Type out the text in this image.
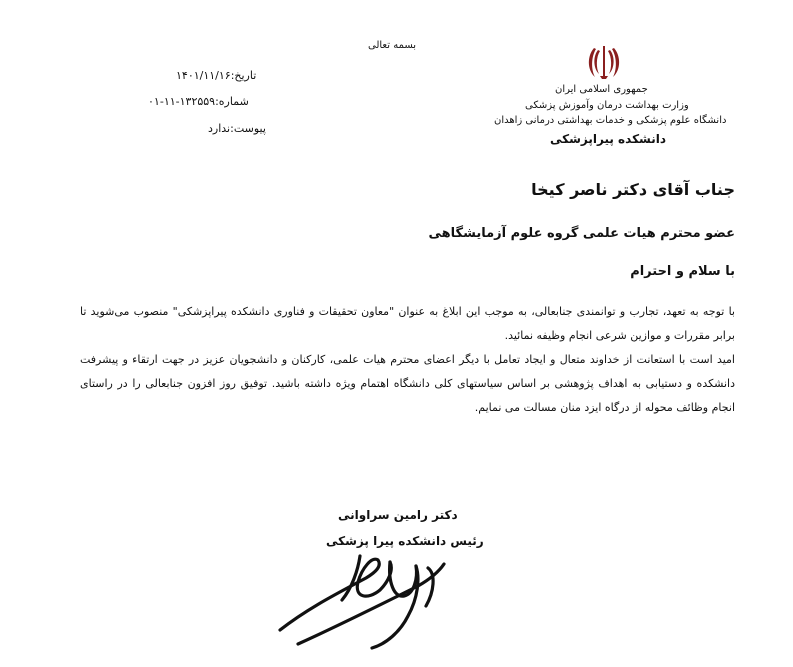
بسمه تعالی
تاریخ:۱۴۰۱/۱۱/۱۶
شماره:۱۳۲۵۵۹-۱۱-۰۱
پیوست:ندارد
جمهوری اسلامی ایران
وزارت بهداشت درمان وآموزش پزشکی
دانشگاه علوم پزشکی و خدمات بهداشتی درمانی زاهدان
دانشکده پیراپزشکی
جناب آقای دکتر ناصر کیخا
عضو محترم هیات علمی گروه علوم آزمایشگاهی
با سلام و احترام

با توجه به تعهد، تجارب و توانمندی جنابعالی، به موجب این ابلاغ به عنوان "معاون تحقیقات و فناوری دانشکده پیراپزشکی" منصوب می‌شوید تا برابر مقررات و موازین شرعی انجام وظیفه نمائید.

امید است با استعانت از خداوند متعال و ایجاد تعامل با دیگر اعضای محترم هیات علمی، کارکنان و دانشجویان عزیز در جهت ارتقاء و پیشرفت دانشکده و دستیابی به اهداف پژوهشی بر اساس سیاستهای کلی دانشگاه اهتمام ویژه داشته باشید. توفیق روز افزون جنابعالی را در راستای انجام وظائف محوله از درگاه ایزد منان مسالت می نمایم.

دکتر رامین سراوانی
رئیس دانشکده پیرا پزشکی
